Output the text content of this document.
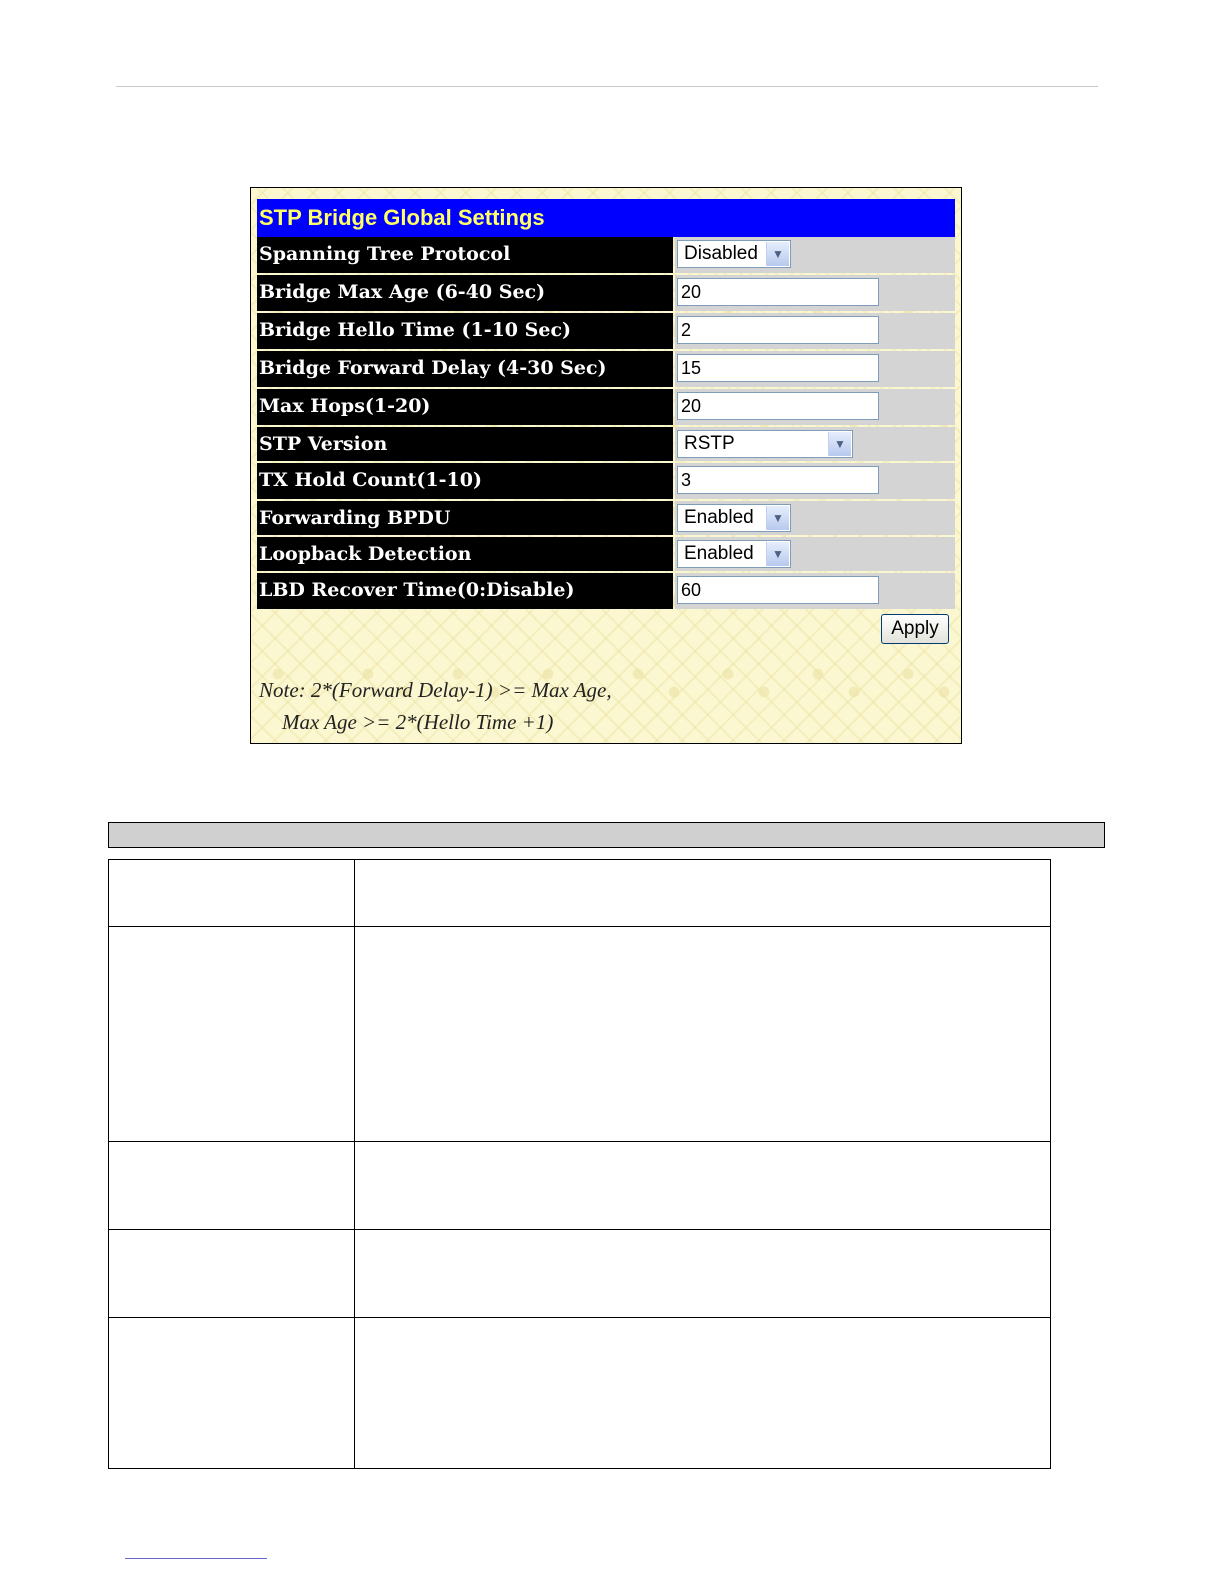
STP Bridge Global Settings
Spanning Tree Protocol	Disabled	▼
Bridge Max Age (6-40 Sec)	20
Bridge Hello Time (1-10 Sec)	2
Bridge Forward Delay (4-30 Sec)	15
Max Hops(1-20)	20
STP Version	RSTP	▼
TX Hold Count(1-10)	3
Forwarding BPDU	Enabled	▼
Loopback Detection	Enabled	▼
LBD Recover Time(0:Disable)	60
Apply
Note: 2*(Forward Delay-1) >= Max Age,
Max Age >= 2*(Hello Time +1)
